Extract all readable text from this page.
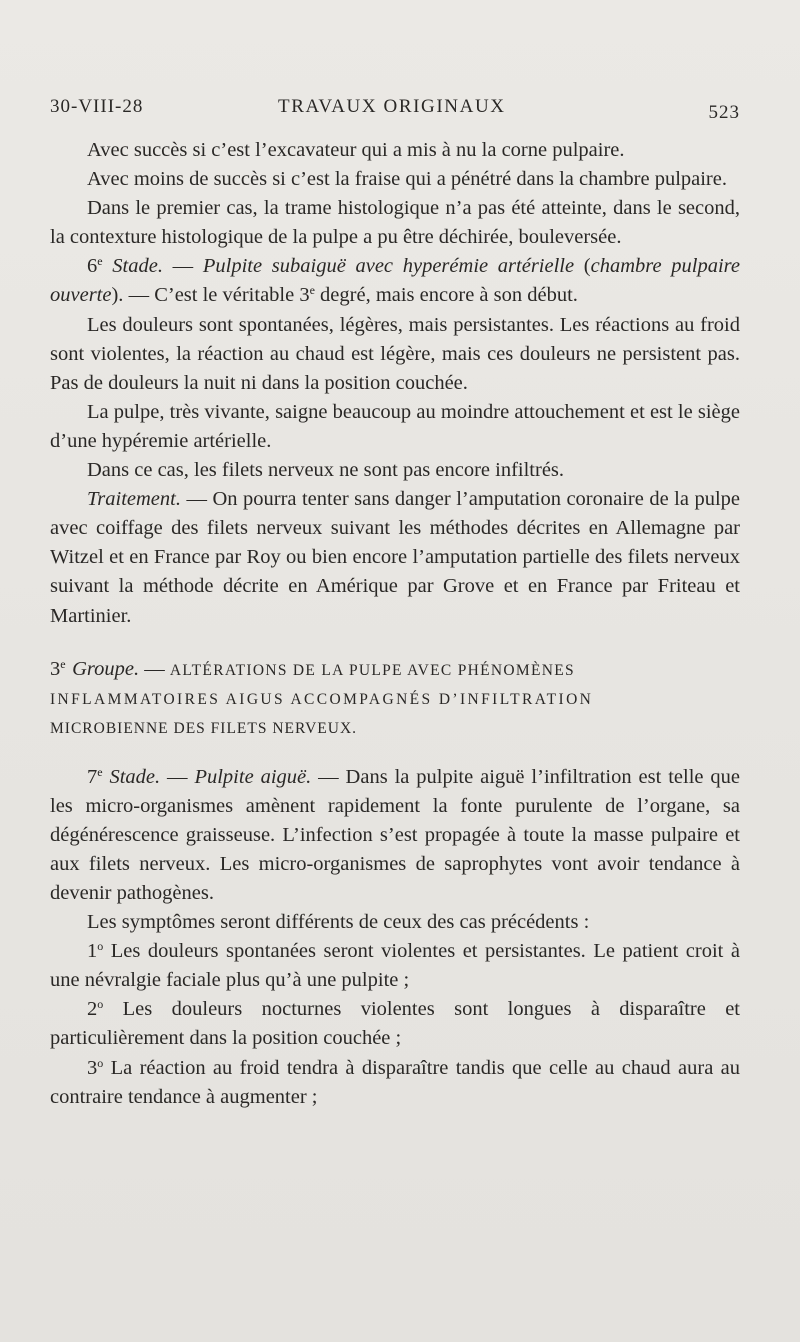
30-VIII-28	TRAVAUX ORIGINAUX	523

Avec succès si c’est l’excavateur qui a mis à nu la corne pulpaire.

Avec moins de succès si c’est la fraise qui a pénétré dans la chambre pulpaire.

Dans le premier cas, la trame histologique n’a pas été atteinte, dans le second, la contexture histologique de la pulpe a pu être déchirée, bouleversée.

6e Stade. — Pulpite subaiguë avec hyperémie artérielle (chambre pulpaire ouverte). — C’est le véritable 3e degré, mais encore à son début.

Les douleurs sont spontanées, légères, mais persistantes. Les réactions au froid sont violentes, la réaction au chaud est légère, mais ces douleurs ne persistent pas. Pas de douleurs la nuit ni dans la position couchée.

La pulpe, très vivante, saigne beaucoup au moindre attouchement et est le siège d’une hypéremie artérielle.

Dans ce cas, les filets nerveux ne sont pas encore infiltrés.

Traitement. — On pourra tenter sans danger l’amputation coronaire de la pulpe avec coiffage des filets nerveux suivant les méthodes décrites en Allemagne par Witzel et en France par Roy ou bien encore l’amputation partielle des filets nerveux suivant la méthode décrite en Amérique par Grove et en France par Friteau et Martinier.

3e Groupe. — ALTÉRATIONS DE LA PULPE AVEC PHÉNOMÈNES
INFLAMMATOIRES AIGUS ACCOMPAGNÉS D’INFILTRATION
MICROBIENNE DES FILETS NERVEUX.

7e Stade. — Pulpite aiguë. — Dans la pulpite aiguë l’infiltration est telle que les micro-organismes amènent rapidement la fonte purulente de l’organe, sa dégénérescence graisseuse. L’infection s’est propagée à toute la masse pulpaire et aux filets nerveux. Les micro-organismes de saprophytes vont avoir tendance à devenir pathogènes.

Les symptômes seront différents de ceux des cas précédents :

1$^o$ Les douleurs spontanées seront violentes et persistantes. Le patient croit à une névralgie faciale plus qu’à une pulpite ;

2$^o$ Les douleurs nocturnes violentes sont longues à disparaître et particulièrement dans la position couchée ;

3$^o$ La réaction au froid tendra à disparaître tandis que celle au chaud aura au contraire tendance à augmenter ;
